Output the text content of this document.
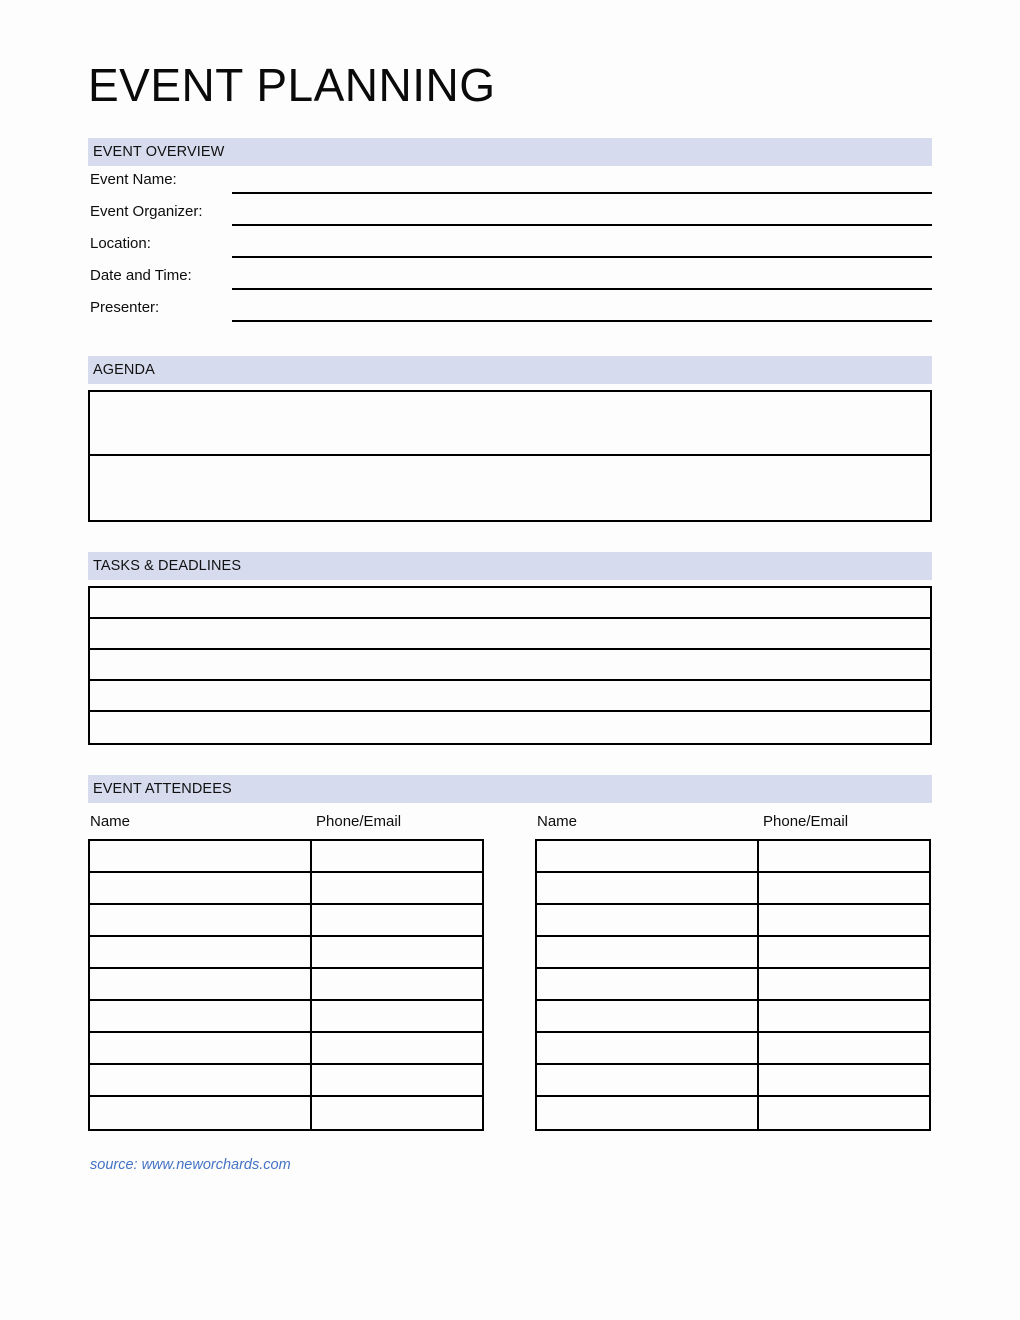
EVENT PLANNING
EVENT OVERVIEW
Event Name:
Event Organizer:
Location:
Date and Time:
Presenter:
AGENDA
TASKS & DEADLINES
EVENT ATTENDEES
Name	Phone/Email	Name	Phone/Email
source: www.neworchards.com
